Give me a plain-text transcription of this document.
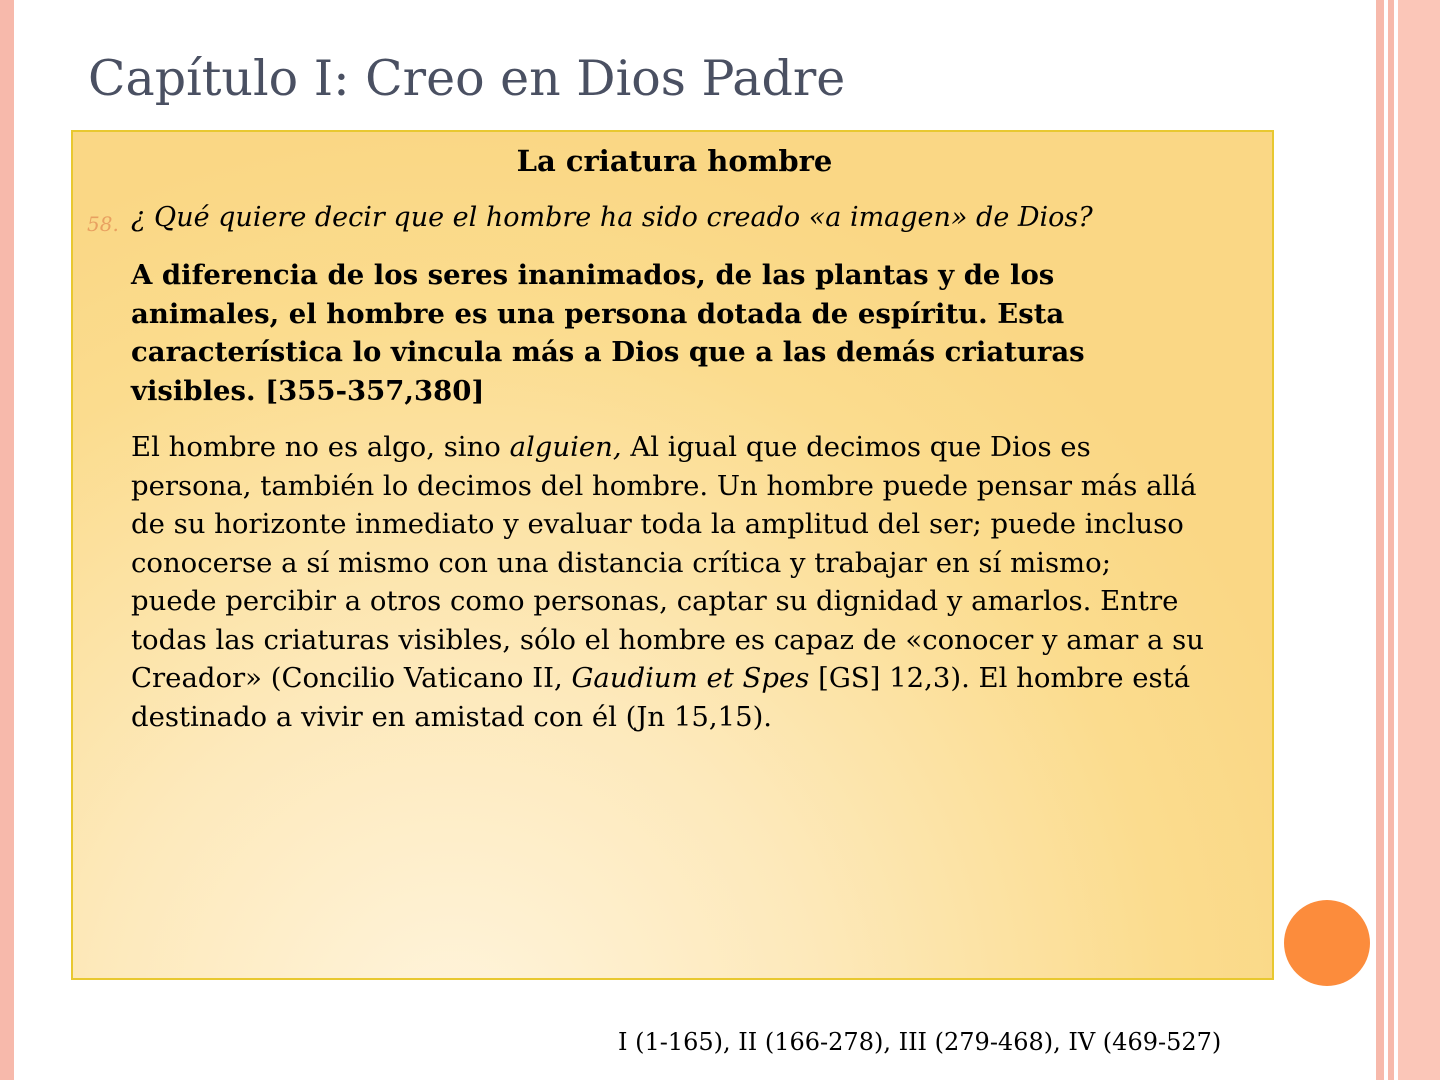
Capítulo I: Creo en Dios Padre
La criatura hombre
58. ¿ Qué quiere decir que el hombre ha sido creado «a imagen» de Dios?
A diferencia de los seres inanimados, de las plantas y de los
animales, el hombre es una persona dotada de espíritu. Esta
característica lo vincula más a Dios que a las demás criaturas
visibles. [355-357,380]
El hombre no es algo, sino alguien, Al igual que decimos que Dios es
persona, también lo decimos del hombre. Un hombre puede pensar más allá
de su horizonte inmediato y evaluar toda la amplitud del ser; puede incluso
conocerse a sí mismo con una distancia crítica y trabajar en sí mismo;
puede percibir a otros como personas, captar su dignidad y amarlos. Entre
todas las criaturas visibles, sólo el hombre es capaz de «conocer y amar a su
Creador» (Concilio Vaticano II, Gaudium et Spes [GS] 12,3). El hombre está
destinado a vivir en amistad con él (Jn 15,15).
I (1-165), II (166-278), III (279-468), IV (469-527)
